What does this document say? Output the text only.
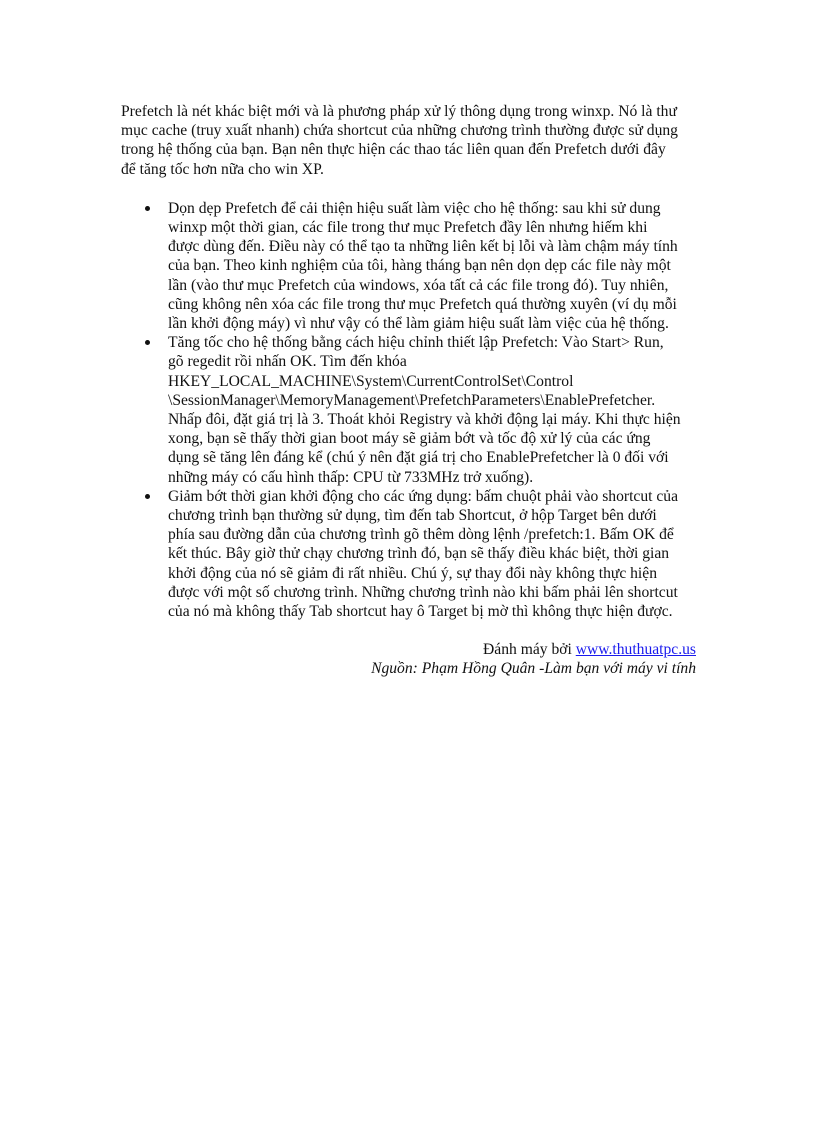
Prefetch là nét khác biệt mới và là phương pháp xử lý thông dụng trong winxp. Nó là thư
mục cache (truy xuất nhanh) chứa shortcut của những chương trình thường được sử dụng
trong hệ thống của bạn. Bạn nên thực hiện các thao tác liên quan đến Prefetch dưới đây
để tăng tốc hơn nữa cho win XP.

Dọn dẹp Prefetch để cải thiện hiệu suất làm việc cho hệ thống: sau khi sử dung
winxp một thời gian, các file trong thư mục Prefetch đầy lên nhưng hiếm khi
được dùng đến. Điều này có thể tạo ta những liên kết bị lỗi và làm chậm máy tính
của bạn. Theo kinh nghiệm của tôi, hàng tháng bạn nên dọn dẹp các file này một
lần (vào thư mục Prefetch của windows, xóa tất cả các file trong đó). Tuy nhiên,
cũng không nên xóa các file trong thư mục Prefetch quá thường xuyên (ví dụ mỗi
lần khởi động máy) vì như vậy có thể làm giảm hiệu suất làm việc của hệ thống.
Tăng tốc cho hệ thống bằng cách hiệu chỉnh thiết lập Prefetch: Vào Start> Run,
gõ regedit rồi nhấn OK. Tìm đến khóa
HKEY_LOCAL_MACHINE\System\CurrentControlSet\Control
\SessionManager\MemoryManagement\PrefetchParameters\EnablePrefetcher.
Nhấp đôi, đặt giá trị là 3. Thoát khỏi Registry và khởi động lại máy. Khi thực hiện
xong, bạn sẽ thấy thời gian boot máy sẽ giảm bớt và tốc độ xử lý của các ứng
dụng sẽ tăng lên đáng kể (chú ý nên đặt giá trị cho EnablePrefetcher là 0 đối với
những máy có cấu hình thấp: CPU từ 733MHz trở xuống).
Giảm bớt thời gian khởi động cho các ứng dụng: bấm chuột phải vào shortcut của
chương trình bạn thường sử dụng, tìm đến tab Shortcut, ở hộp Target bên dưới
phía sau đường dẫn của chương trình gõ thêm dòng lệnh /prefetch:1. Bấm OK để
kết thúc. Bây giờ thử chạy chương trình đó, bạn sẽ thấy điều khác biệt, thời gian
khởi động của nó sẽ giảm đi rất nhiều. Chú ý, sự thay đổi này không thực hiện
được với một số chương trình. Những chương trình nào khi bấm phải lên shortcut
của nó mà không thấy Tab shortcut hay ô Target bị mờ thì không thực hiện được.
Đánh máy bởi www.thuthuatpc.us
Nguồn: Phạm Hồng Quân -Làm bạn với máy vi tính
